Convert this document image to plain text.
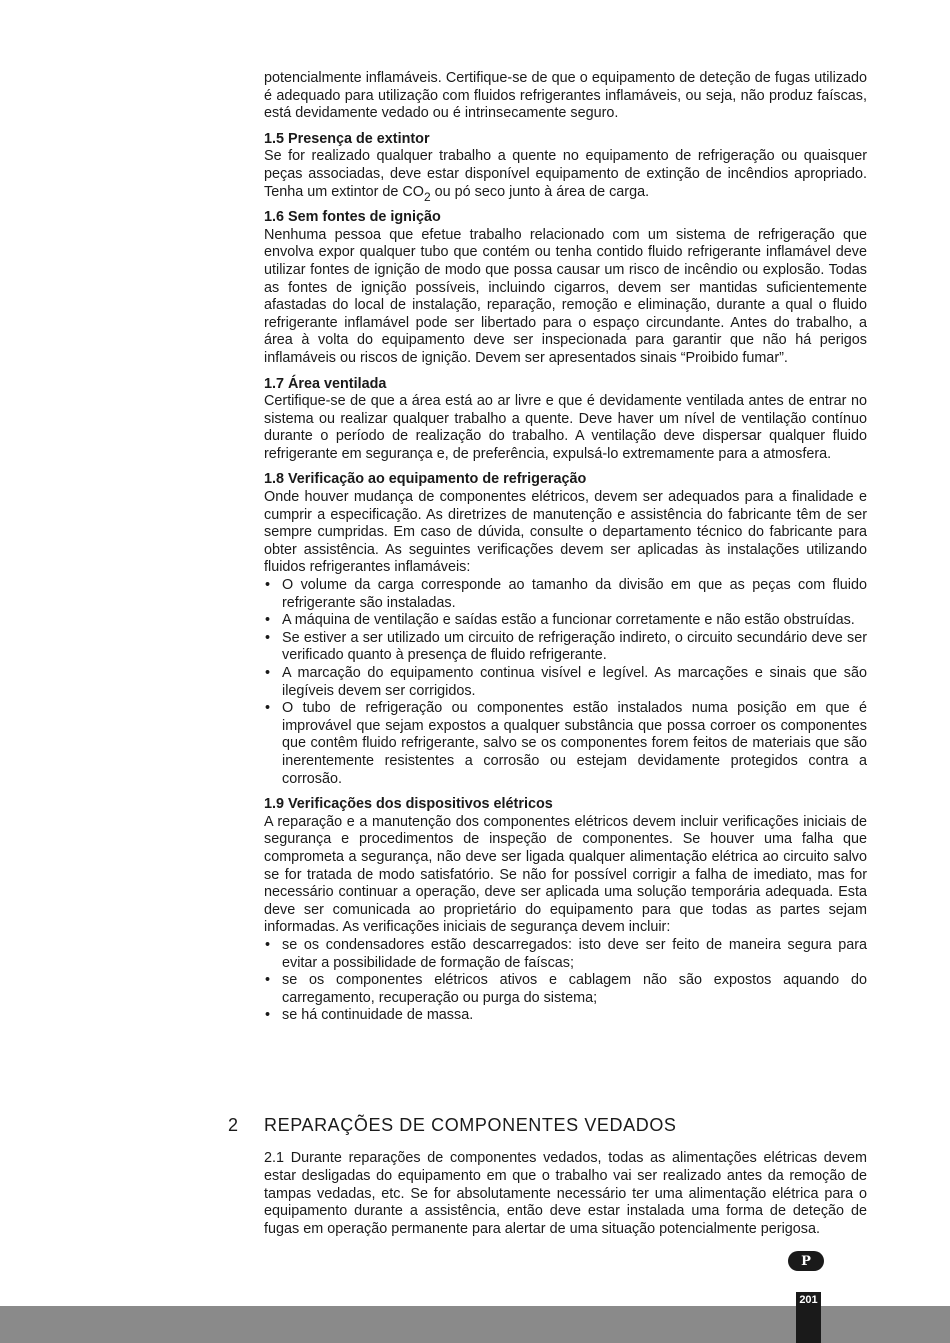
potencialmente inflamáveis. Certifique-se de que o equipamento de deteção de fugas utilizado é adequado para utilização com fluidos refrigerantes inflamáveis, ou seja, não produz faíscas, está devidamente vedado ou é intrinsecamente seguro.

1.5 Presença de extintor

Se for realizado qualquer trabalho a quente no equipamento de refrigeração ou quaisquer peças associadas, deve estar disponível equipamento de extinção de incêndios apropriado. Tenha um extintor de $CO_2$ ou pó seco junto à área de carga.

1.6 Sem fontes de ignição

Nenhuma pessoa que efetue trabalho relacionado com um sistema de refrigeração que envolva expor qualquer tubo que contém ou tenha contido fluido refrigerante inflamável deve utilizar fontes de ignição de modo que possa causar um risco de incêndio ou explosão. Todas as fontes de ignição possíveis, incluindo cigarros, devem ser mantidas suficientemente afastadas do local de instalação, reparação, remoção e eliminação, durante a qual o fluido refrigerante inflamável pode ser libertado para o espaço circundante. Antes do trabalho, a área à volta do equipamento deve ser inspecionada para garantir que não há perigos inflamáveis ou riscos de ignição. Devem ser apresentados sinais “Proibido fumar”.

1.7 Área ventilada

Certifique-se de que a área está ao ar livre e que é devidamente ventilada antes de entrar no sistema ou realizar qualquer trabalho a quente. Deve haver um nível de ventilação contínuo durante o período de realização do trabalho. A ventilação deve dispersar qualquer fluido refrigerante em segurança e, de preferência, expulsá-lo extremamente para a atmosfera.

1.8 Verificação ao equipamento de refrigeração

Onde houver mudança de componentes elétricos, devem ser adequados para a finalidade e cumprir a especificação. As diretrizes de manutenção e assistência do fabricante têm de ser sempre cumpridas. Em caso de dúvida, consulte o departamento técnico do fabricante para obter assistência. As seguintes verificações devem ser aplicadas às instalações utilizando fluidos refrigerantes inflamáveis:

• O volume da carga corresponde ao tamanho da divisão em que as peças com fluido refrigerante são instaladas.
• A máquina de ventilação e saídas estão a funcionar corretamente e não estão obstruídas.
• Se estiver a ser utilizado um circuito de refrigeração indireto, o circuito secundário deve ser verificado quanto à presença de fluido refrigerante.
• A marcação do equipamento continua visível e legível. As marcações e sinais que são ilegíveis devem ser corrigidos.
• O tubo de refrigeração ou componentes estão instalados numa posição em que é improvável que sejam expostos a qualquer substância que possa corroer os componentes que contêm fluido refrigerante, salvo se os componentes forem feitos de materiais que são inerentemente resistentes a corrosão ou estejam devidamente protegidos contra a corrosão.

1.9 Verificações dos dispositivos elétricos

A reparação e a manutenção dos componentes elétricos devem incluir verificações iniciais de segurança e procedimentos de inspeção de componentes. Se houver uma falha que comprometa a segurança, não deve ser ligada qualquer alimentação elétrica ao circuito salvo se for tratada de modo satisfatório. Se não for possível corrigir a falha de imediato, mas for necessário continuar a operação, deve ser aplicada uma solução temporária adequada. Esta deve ser comunicada ao proprietário do equipamento para que todas as partes sejam informadas. As verificações iniciais de segurança devem incluir:

• se os condensadores estão descarregados: isto deve ser feito de maneira segura para evitar a possibilidade de formação de faíscas;
• se os componentes elétricos ativos e cablagem não são expostos aquando do carregamento, recuperação ou purga do sistema;
• se há continuidade de massa.
2	REPARAÇÕES DE COMPONENTES VEDADOS

2.1 Durante reparações de componentes vedados, todas as alimentações elétricas devem estar desligadas do equipamento em que o trabalho vai ser realizado antes da remoção de tampas vedadas, etc. Se for absolutamente necessário ter uma alimentação elétrica para o equipamento durante a assistência, então deve estar instalada uma forma de deteção de fugas em operação permanente para alertar de uma situação potencialmente perigosa.

P
201
